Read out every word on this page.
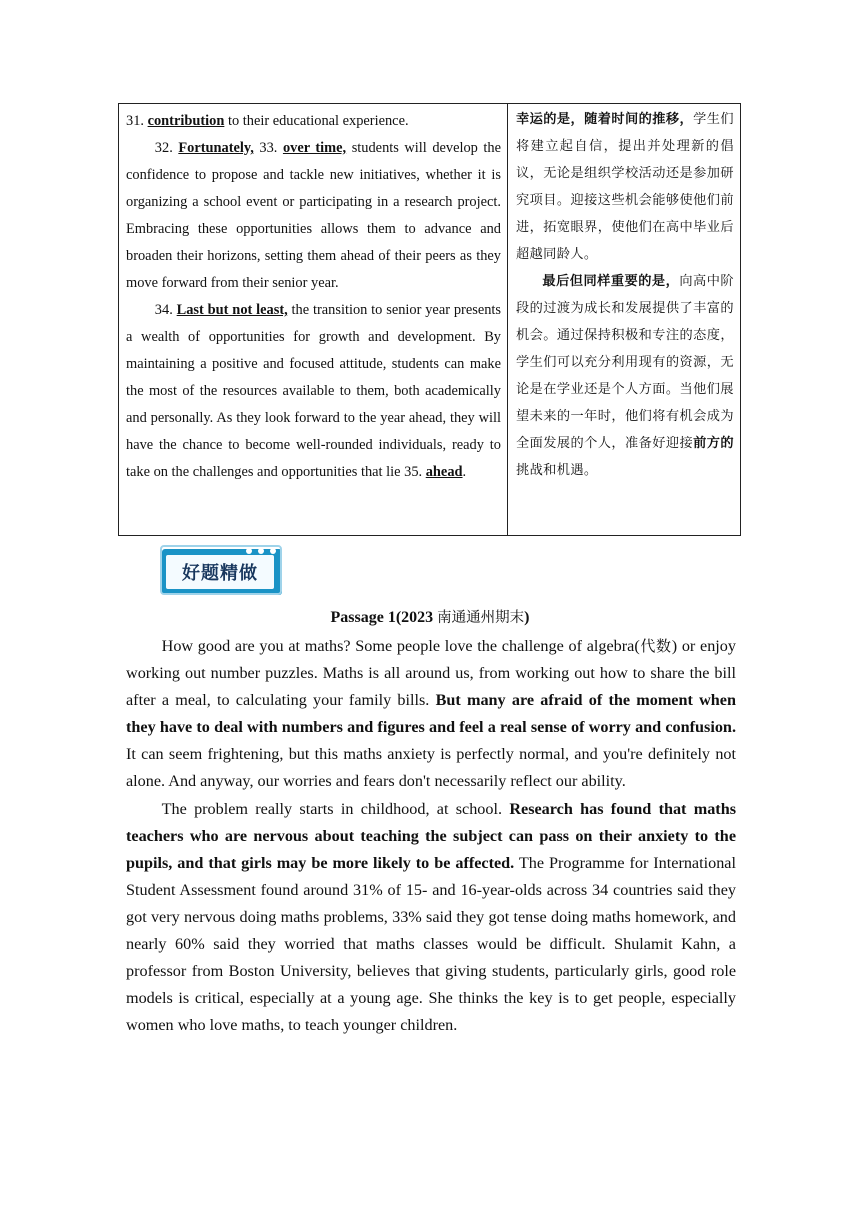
31. contribution to their educational experience.

32. Fortunately, 33. over time, students will develop the confidence to propose and tackle new initiatives, whether it is organizing a school event or participating in a research project. Embracing these opportunities allows them to advance and broaden their horizons, setting them ahead of their peers as they move forward from their senior year.

34. Last but not least, the transition to senior year presents a wealth of opportunities for growth and development. By maintaining a positive and focused attitude, students can make the most of the resources available to them, both academically and personally. As they look forward to the year ahead, they will have the chance to become well-rounded individuals, ready to take on the challenges and opportunities that lie 35. ahead.

幸运的是，随着时间的推移，学生们将建立起自信，提出并处理新的倡议，无论是组织学校活动还是参加研究项目。迎接这些机会能够使他们前进，拓宽眼界，使他们在高中毕业后超越同龄人。

最后但同样重要的是，向高中阶段的过渡为成长和发展提供了丰富的机会。通过保持积极和专注的态度，学生们可以充分利用现有的资源，无论是在学业还是个人方面。当他们展望未来的一年时，他们将有机会成为全面发展的个人，准备好迎接前方的挑战和机遇。

好题精做
Passage 1(2023 南通通州期末)

How good are you at maths? Some people love the challenge of algebra(代数) or enjoy working out number puzzles. Maths is all around us, from working out how to share the bill after a meal, to calculating your family bills. But many are afraid of the moment when they have to deal with numbers and figures and feel a real sense of worry and confusion. It can seem frightening, but this maths anxiety is perfectly normal, and you're definitely not alone. And anyway, our worries and fears don't necessarily reflect our ability.

The problem really starts in childhood, at school. Research has found that maths teachers who are nervous about teaching the subject can pass on their anxiety to the pupils, and that girls may be more likely to be affected. The Programme for International Student Assessment found around 31% of 15- and 16-year-olds across 34 countries said they got very nervous doing maths problems, 33% said they got tense doing maths homework, and nearly 60% said they worried that maths classes would be difficult. Shulamit Kahn, a professor from Boston University, believes that giving students, particularly girls, good role models is critical, especially at a young age. She thinks the key is to get people, especially women who love maths, to teach younger children.
